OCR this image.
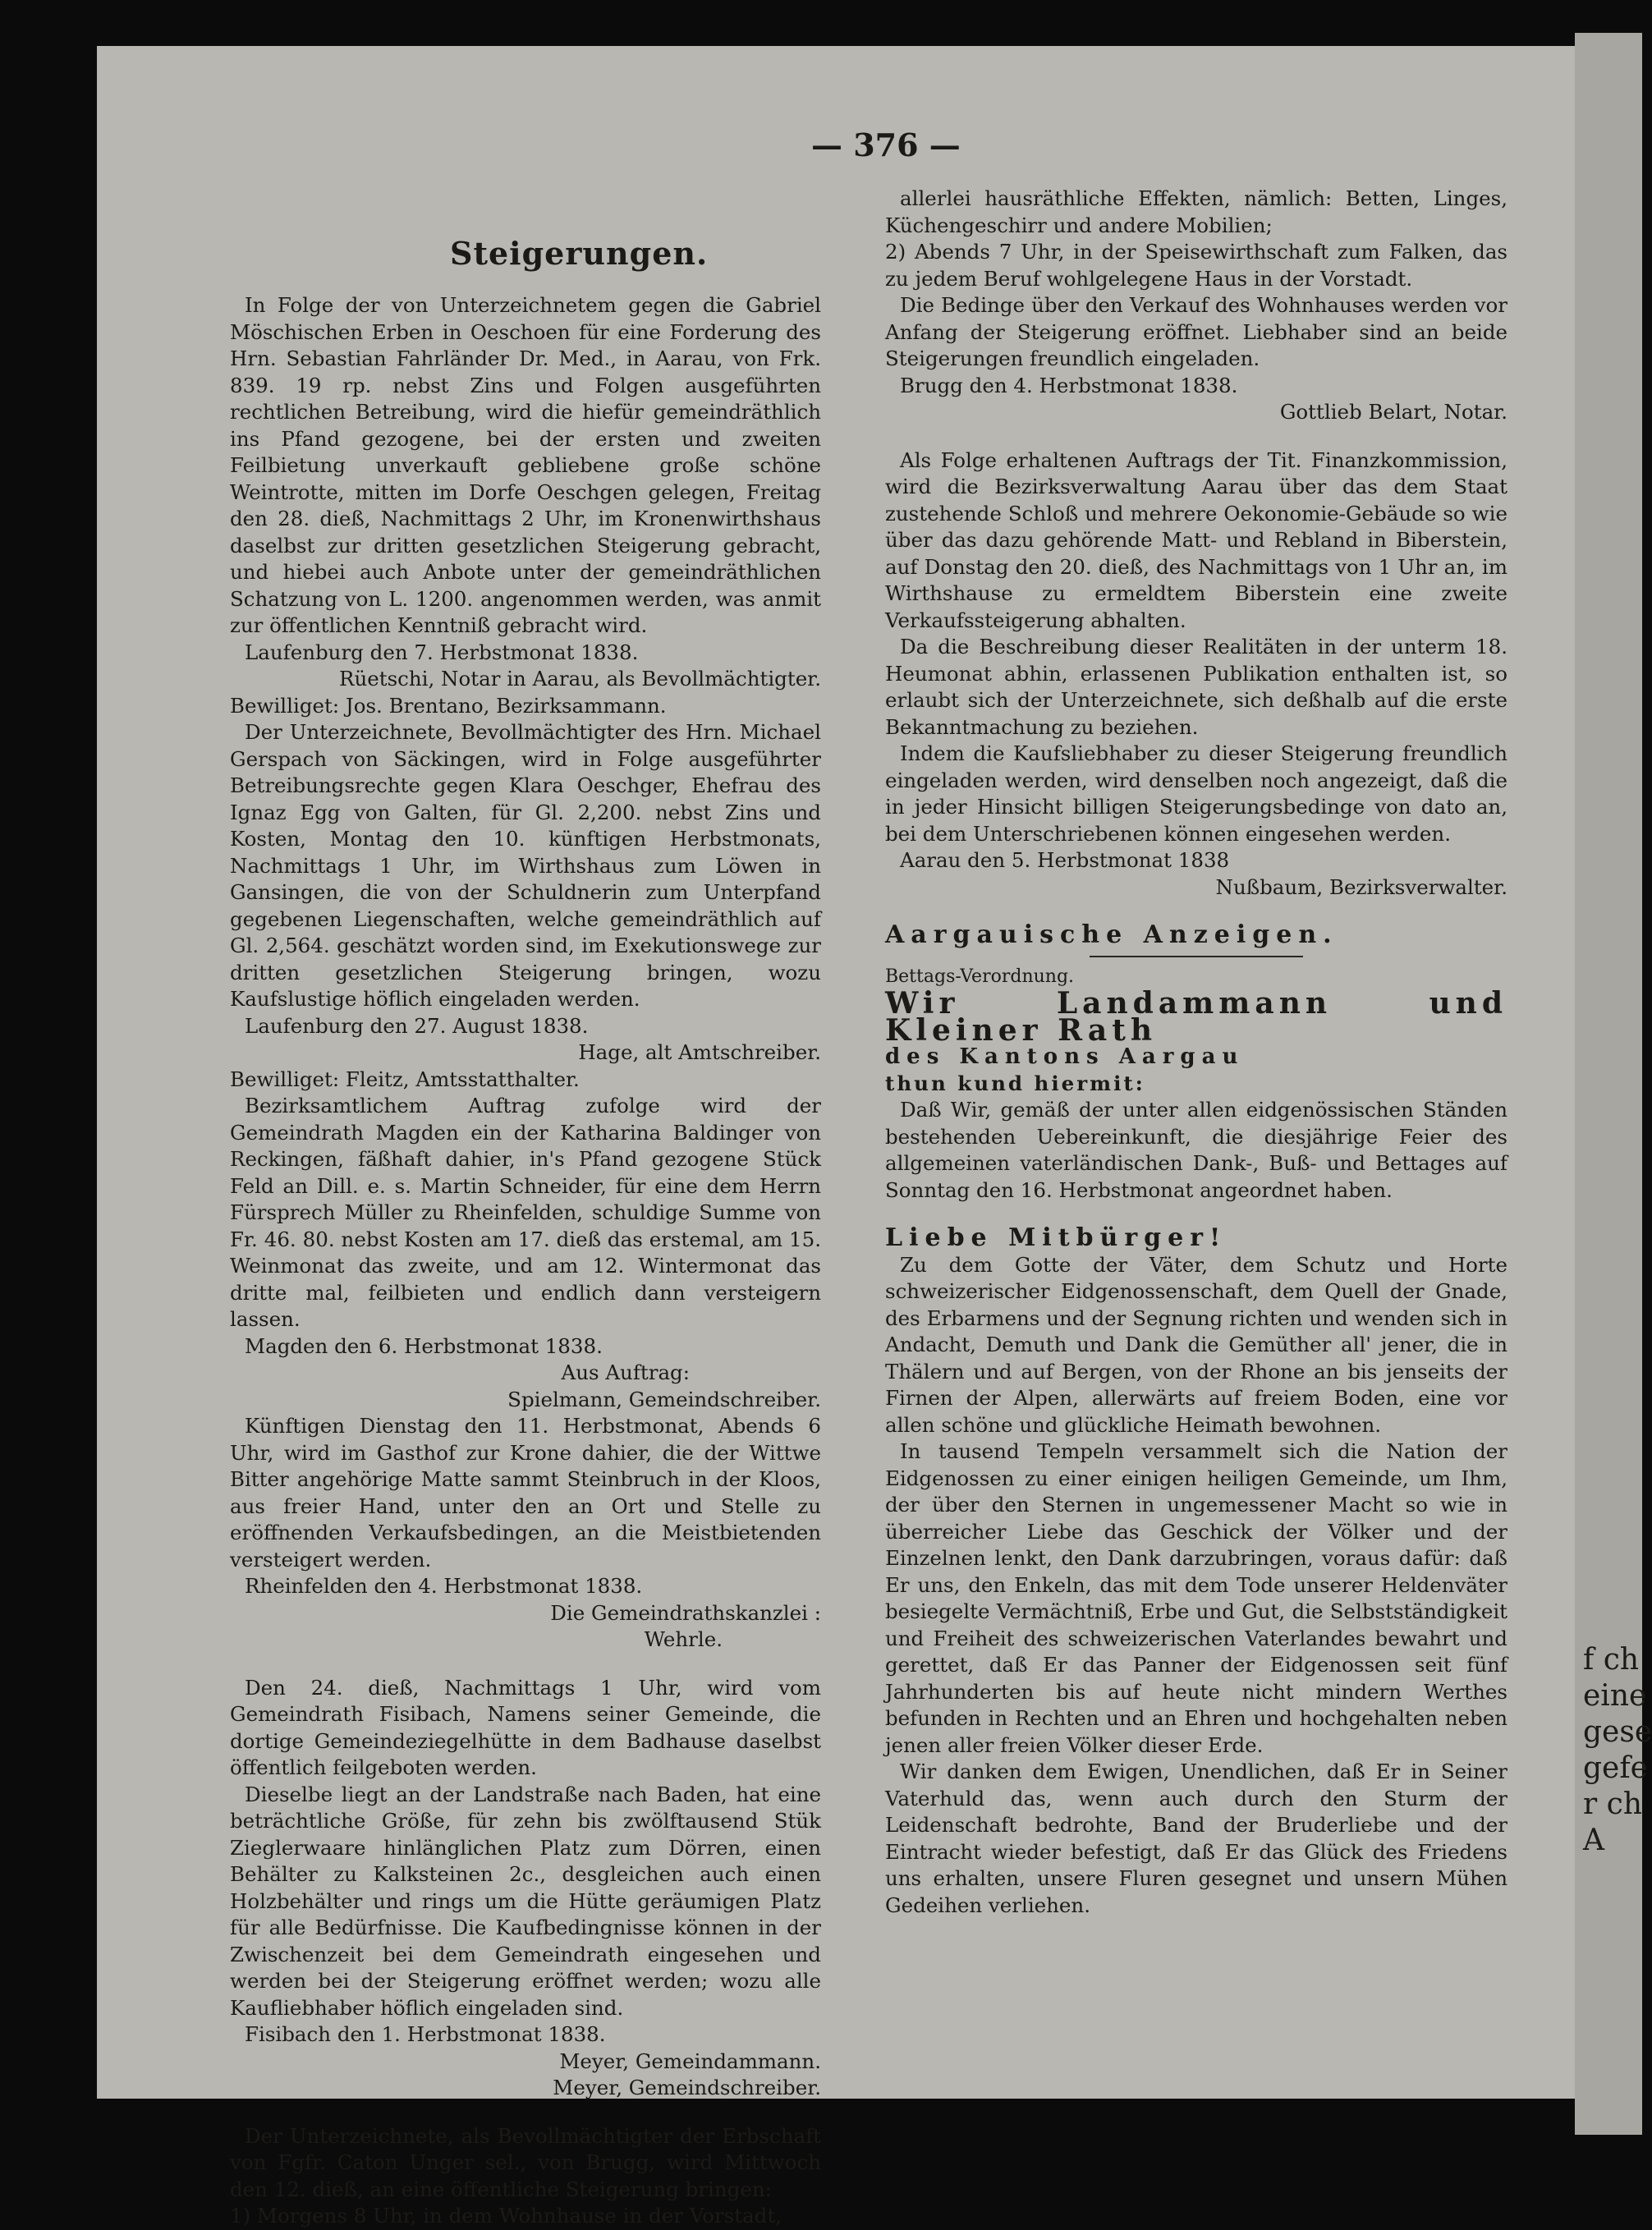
— 376 —
Steigerungen.

In Folge der von Unterzeichnetem gegen die Gabriel Möschischen Erben in Oeschoen für eine Forderung des Hrn. Sebastian Fahrländer Dr. Med., in Aarau, von Frk. 839. 19 rp. nebst Zins und Folgen ausgeführten rechtlichen Betreibung, wird die hiefür gemeindräthlich ins Pfand gezogene, bei der ersten und zweiten Feilbietung unverkauft gebliebene große schöne Weintrotte, mitten im Dorfe Oeschgen gelegen, Freitag den 28. dieß, Nachmittags 2 Uhr, im Kronenwirthshaus daselbst zur dritten gesetzlichen Steigerung gebracht, und hiebei auch Anbote unter der gemeindräthlichen Schatzung von L. 1200. angenommen werden, was anmit zur öffentlichen Kenntniß gebracht wird.

Laufenburg den 7. Herbstmonat 1838.

Rüetschi, Notar in Aarau, als Bevollmächtigter.

Bewilliget: Jos. Brentano, Bezirksammann.

Der Unterzeichnete, Bevollmächtigter des Hrn. Michael Gerspach von Säckingen, wird in Folge ausgeführter Betreibungsrechte gegen Klara Oeschger, Ehefrau des Ignaz Egg von Galten, für Gl. 2,200. nebst Zins und Kosten, Montag den 10. künftigen Herbstmonats, Nachmittags 1 Uhr, im Wirthshaus zum Löwen in Gansingen, die von der Schuldnerin zum Unterpfand gegebenen Liegenschaften, welche gemeindräthlich auf Gl. 2,564. geschätzt worden sind, im Exekutionswege zur dritten gesetzlichen Steigerung bringen, wozu Kaufslustige höflich eingeladen werden.

Laufenburg den 27. August 1838.

Hage, alt Amtschreiber.

Bewilliget: Fleitz, Amtsstatthalter.

Bezirksamtlichem Auftrag zufolge wird der Gemeindrath Magden ein der Katharina Baldinger von Reckingen, fäßhaft dahier, in's Pfand gezogene Stück Feld an Dill. e. s. Martin Schneider, für eine dem Herrn Fürsprech Müller zu Rheinfelden, schuldige Summe von Fr. 46. 80. nebst Kosten am 17. dieß das erstemal, am 15. Weinmonat das zweite, und am 12. Wintermonat das dritte mal, feilbieten und endlich dann versteigern lassen.

Magden den 6. Herbstmonat 1838.

Aus Auftrag:

Spielmann, Gemeindschreiber.

Künftigen Dienstag den 11. Herbstmonat, Abends 6 Uhr, wird im Gasthof zur Krone dahier, die der Wittwe Bitter angehörige Matte sammt Steinbruch in der Kloos, aus freier Hand, unter den an Ort und Stelle zu eröffnenden Verkaufsbedingen, an die Meistbietenden versteigert werden.

Rheinfelden den 4. Herbstmonat 1838.

Die Gemeindrathskanzlei :

Wehrle.

Den 24. dieß, Nachmittags 1 Uhr, wird vom Gemeindrath Fisibach, Namens seiner Gemeinde, die dortige Gemeindeziegelhütte in dem Badhause daselbst öffentlich feilgeboten werden.

Dieselbe liegt an der Landstraße nach Baden, hat eine beträchtliche Größe, für zehn bis zwölftausend Stük Zieglerwaare hinlänglichen Platz zum Dörren, einen Behälter zu Kalksteinen 2c., desgleichen auch einen Holzbehälter und rings um die Hütte geräumigen Platz für alle Bedürfnisse. Die Kaufbedingnisse können in der Zwischenzeit bei dem Gemeindrath eingesehen und werden bei der Steigerung eröffnet werden; wozu alle Kaufliebhaber höflich eingeladen sind.

Fisibach den 1. Herbstmonat 1838.

Meyer, Gemeindammann.

Meyer, Gemeindschreiber.

Der Unterzeichnete, als Bevollmächtigter der Erbschaft von Fgfr. Caton Unger sel., von Brugg, wird Mittwoch den 12. dieß, an eine öffentliche Steigerung bringen:

1) Morgens 8 Uhr, in dem Wohnhause in der Vorstadt,

allerlei hausräthliche Effekten, nämlich: Betten, Linges, Küchengeschirr und andere Mobilien;

2) Abends 7 Uhr, in der Speisewirthschaft zum Falken, das zu jedem Beruf wohlgelegene Haus in der Vorstadt.

Die Bedinge über den Verkauf des Wohnhauses werden vor Anfang der Steigerung eröffnet. Liebhaber sind an beide Steigerungen freundlich eingeladen.

Brugg den 4. Herbstmonat 1838.

Gottlieb Belart, Notar.

Als Folge erhaltenen Auftrags der Tit. Finanzkommission, wird die Bezirksverwaltung Aarau über das dem Staat zustehende Schloß und mehrere Oekonomie-Gebäude so wie über das dazu gehörende Matt- und Rebland in Biberstein, auf Donstag den 20. dieß, des Nachmittags von 1 Uhr an, im Wirthshause zu ermeldtem Biberstein eine zweite Verkaufssteigerung abhalten.

Da die Beschreibung dieser Realitäten in der unterm 18. Heumonat abhin, erlassenen Publikation enthalten ist, so erlaubt sich der Unterzeichnete, sich deßhalb auf die erste Bekanntmachung zu beziehen.

Indem die Kaufsliebhaber zu dieser Steigerung freundlich eingeladen werden, wird denselben noch angezeigt, daß die in jeder Hinsicht billigen Steigerungsbedinge von dato an, bei dem Unterschriebenen können eingesehen werden.

Aarau den 5. Herbstmonat 1838

Nußbaum, Bezirksverwalter.

Aargauische Anzeigen.

Bettags-Verordnung.

Wir Landammann und Kleiner Rath

des Kantons Aargau

thun kund hiermit:

Daß Wir, gemäß der unter allen eidgenössischen Ständen bestehenden Uebereinkunft, die diesjährige Feier des allgemeinen vaterländischen Dank-, Buß- und Bettages auf Sonntag den 16. Herbstmonat angeordnet haben.

Liebe Mitbürger!

Zu dem Gotte der Väter, dem Schutz und Horte schweizerischer Eidgenossenschaft, dem Quell der Gnade, des Erbarmens und der Segnung richten und wenden sich in Andacht, Demuth und Dank die Gemüther all' jener, die in Thälern und auf Bergen, von der Rhone an bis jenseits der Firnen der Alpen, allerwärts auf freiem Boden, eine vor allen schöne und glückliche Heimath bewohnen.

In tausend Tempeln versammelt sich die Nation der Eidgenossen zu einer einigen heiligen Gemeinde, um Ihm, der über den Sternen in ungemessener Macht so wie in überreicher Liebe das Geschick der Völker und der Einzelnen lenkt, den Dank darzubringen, voraus dafür: daß Er uns, den Enkeln, das mit dem Tode unserer Heldenväter besiegelte Vermächtniß, Erbe und Gut, die Selbstständigkeit und Freiheit des schweizerischen Vaterlandes bewahrt und gerettet, daß Er das Panner der Eidgenossen seit fünf Jahrhunderten bis auf heute nicht mindern Werthes befunden in Rechten und an Ehren und hochgehalten neben jenen aller freien Völker dieser Erde.

Wir danken dem Ewigen, Unendlichen, daß Er in Seiner Vaterhuld das, wenn auch durch den Sturm der Leidenschaft bedrohte, Band der Bruderliebe und der Eintracht wieder befestigt, daß Er das Glück des Friedens uns erhalten, unsere Fluren gesegnet und unsern Mühen Gedeihen verliehen.

f ch
eine
gese
gefe
r ch
A
